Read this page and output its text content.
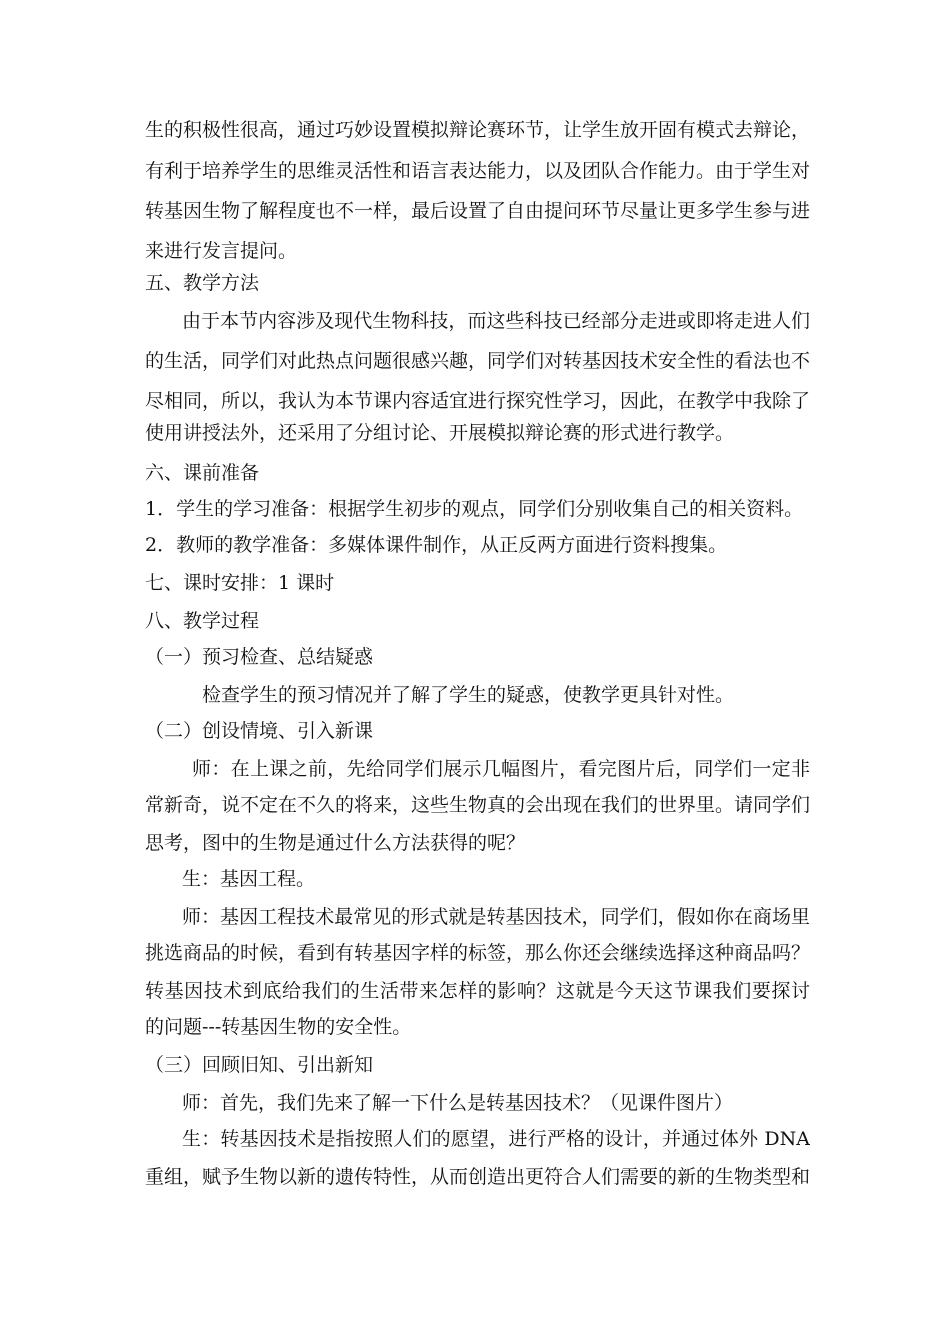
生的积极性很高，通过巧妙设置模拟辩论赛环节，让学生放开固有模式去辩论，
有利于培养学生的思维灵活性和语言表达能力，以及团队合作能力。由于学生对
转基因生物了解程度也不一样，最后设置了自由提问环节尽量让更多学生参与进
来进行发言提问。
五、教学方法
由于本节内容涉及现代生物科技，而这些科技已经部分走进或即将走进人们
的生活，同学们对此热点问题很感兴趣，同学们对转基因技术安全性的看法也不
尽相同，所以，我认为本节课内容适宜进行探究性学习，因此，在教学中我除了
使用讲授法外，还采用了分组讨论、开展模拟辩论赛的形式进行教学。
六、课前准备
1．学生的学习准备：根据学生初步的观点，同学们分别收集自己的相关资料。
2．教师的教学准备：多媒体课件制作，从正反两方面进行资料搜集。
七、课时安排：1 课时
八、教学过程
（一）预习检查、总结疑惑
检查学生的预习情况并了解了学生的疑惑，使教学更具针对性。
（二）创设情境、引入新课
师：在上课之前，先给同学们展示几幅图片，看完图片后，同学们一定非
常新奇，说不定在不久的将来，这些生物真的会出现在我们的世界里。请同学们
思考，图中的生物是通过什么方法获得的呢？
生：基因工程。
师：基因工程技术最常见的形式就是转基因技术，同学们，假如你在商场里
挑选商品的时候，看到有转基因字样的标签，那么你还会继续选择这种商品吗？
转基因技术到底给我们的生活带来怎样的影响？这就是今天这节课我们要探讨
的问题---转基因生物的安全性。
（三）回顾旧知、引出新知
师：首先，我们先来了解一下什么是转基因技术？（见课件图片）
生：转基因技术是指按照人们的愿望，进行严格的设计，并通过体外 DNA
重组，赋予生物以新的遗传特性，从而创造出更符合人们需要的新的生物类型和
